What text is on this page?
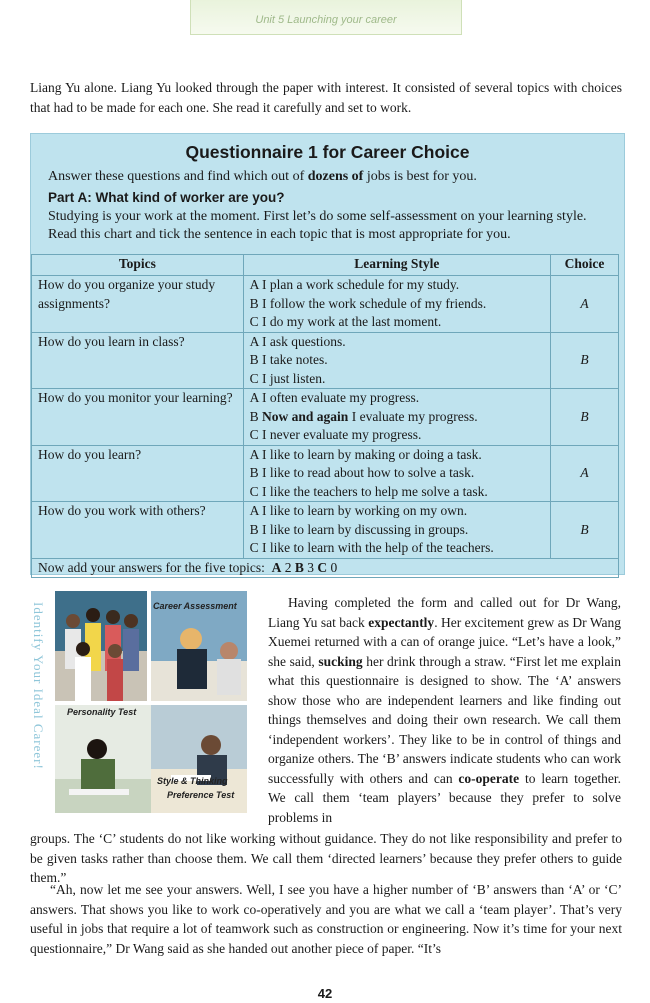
Unit 5 Launching your career
Liang Yu alone. Liang Yu looked through the paper with interest. It consisted of several topics with choices that had to be made for each one. She read it carefully and set to work.
Questionnaire 1 for Career Choice
Answer these questions and find which out of dozens of jobs is best for you.
Part A: What kind of worker are you?
Studying is your work at the moment. First let’s do some self-assessment on your learning style. Read this chart and tick the sentence in each topic that is most appropriate for you.
Topics	Learning Style	Choice
How do you organize your study assignments?	A I plan a work schedule for my study.
B I follow the work schedule of my friends.
C I do my work at the last moment.	A
How do you learn in class?	A I ask questions.
B I take notes.
C I just listen.	B
How do you monitor your learning?	A I often evaluate my progress.
B Now and again I evaluate my progress.
C I never evaluate my progress.	B
How do you learn?	A I like to learn by making or doing a task.
B I like to read about how to solve a task.
C I like the teachers to help me solve a task.	A
How do you work with others?	A I like to learn by working on my own.
B I like to learn by discussing in groups.
C I like to learn with the help of the teachers.	B
Now add your answers for the five topics: A 2 B 3 C 0		
Identify Your Ideal Career!	Career Assessment
Personality Test
Style & Thinking
Preference Test
Having completed the form and called out for Dr Wang, Liang Yu sat back expectantly. Her excitement grew as Dr Wang Xuemei returned with a can of orange juice. “Let’s have a look,” she said, sucking her drink through a straw. “First let me explain what this questionnaire is designed to show. The ‘A’ answers show those who are independent learners and like finding out things themselves and doing their own research. We call them ‘independent workers’. They like to be in control of things and organize others. The ‘B’ answers indicate students who can work successfully with others and can co-operate to learn together. We call them ‘team players’ because they prefer to solve problems in
groups. The ‘C’ students do not like working without guidance. They do not like responsibility and prefer to be given tasks rather than choose them. We call them ‘directed learners’ because they prefer others to guide them.”
“Ah, now let me see your answers. Well, I see you have a higher number of ‘B’ answers than ‘A’ or ‘C’ answers. That shows you like to work co-operatively and you are what we call a ‘team player’. That’s very useful in jobs that require a lot of teamwork such as construction or engineering. Now it’s time for your next questionnaire,” Dr Wang said as she handed out another piece of paper. “It’s
42
